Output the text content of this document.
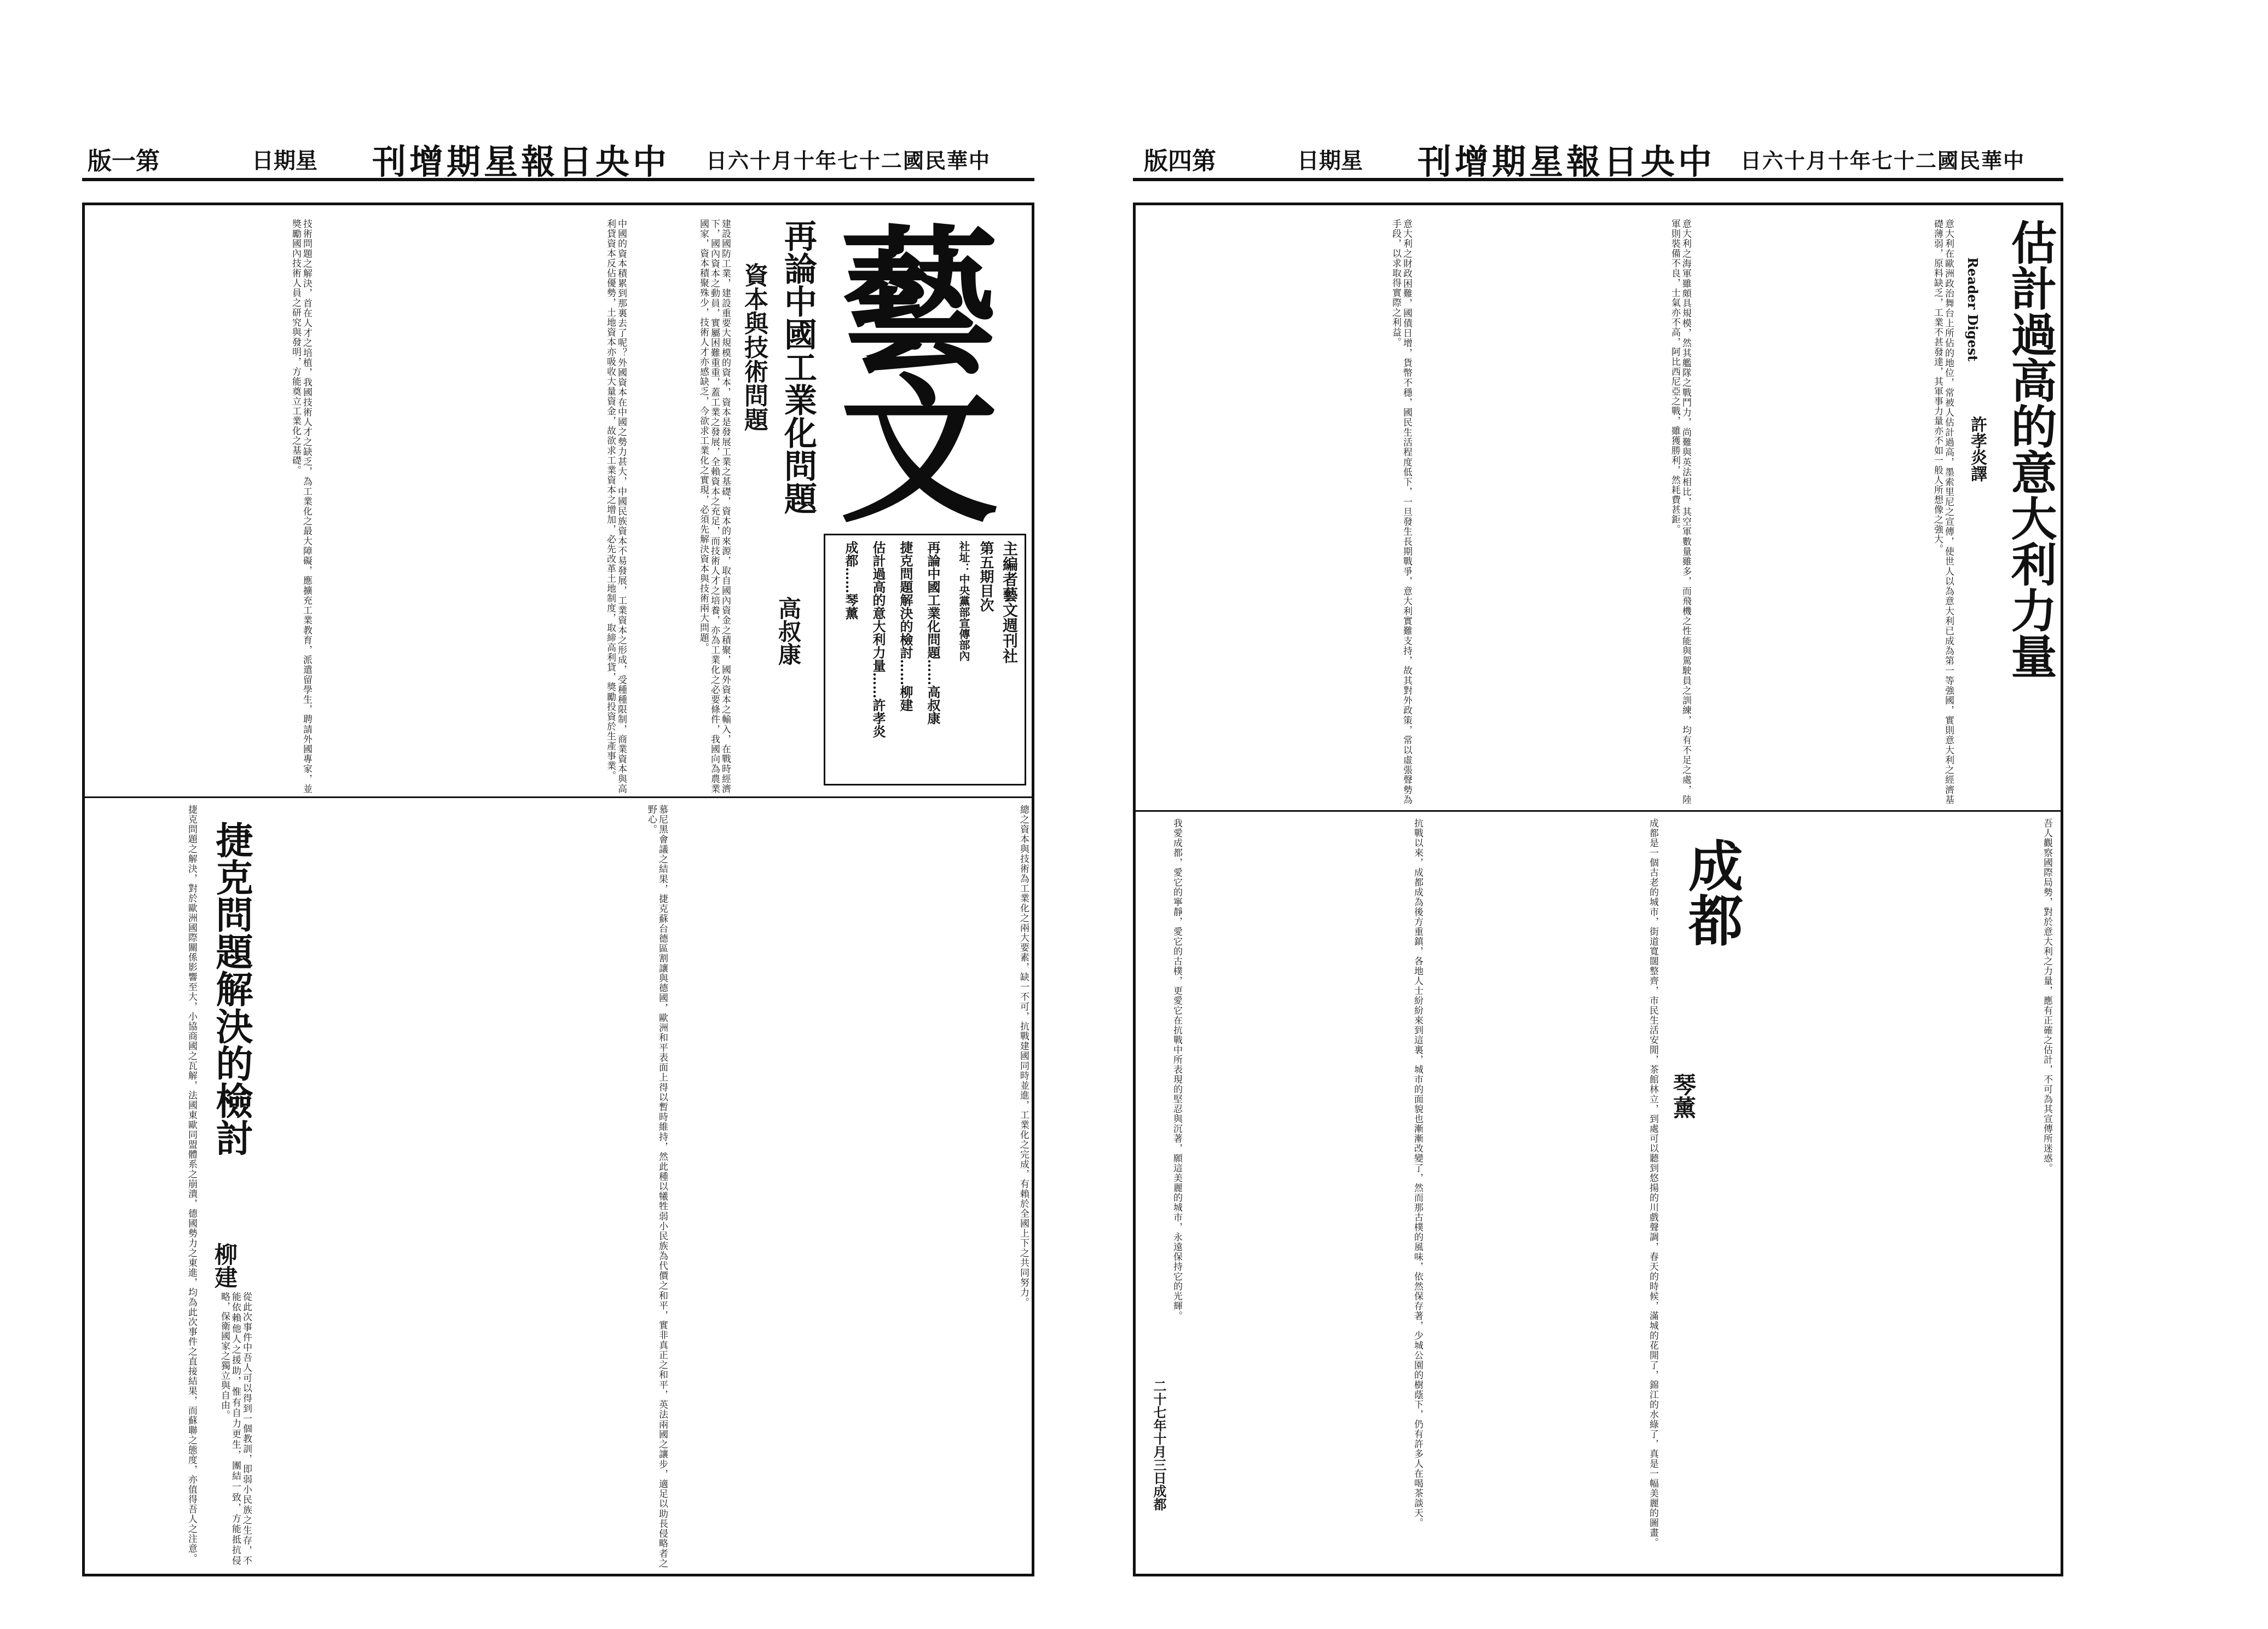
版一第	日期星 刊增期星報日央中 日六十月十年七十二國民華中
藝文
再論中國工業化問題
資本與技術問題
高叔康	主編者藝文週刊社
第五期目次
社址：中央黨部宣傳部內
再論中國工業化問題……高叔康
捷克問題解決的檢討……柳建
估計過高的意大利力量……許孝炎
成都……琴薰
建設國防工業，建設重要大規模的資本，資本是發展工業之基礎，資本的來源，取自國內資金之積聚，國外資本之輸入，在戰時經濟下，國內資本之動員，實屬困難重重，蓋工業之發展，全賴資本之充足，而技術人才之培養，亦為工業化之必要條件，我國向為農業國家，資本積聚殊少，技術人才亦感缺乏，今欲求工業化之實現，必須先解決資本與技術兩大問題。
中國的資本積累到那裏去了呢？外國資本在中國之勢力甚大，中國民族資本不易發展，工業資本之形成，受種種限制，商業資本與高利貸資本反佔優勢，土地資本亦吸收大量資金，故欲求工業資本之增加，必先改革土地制度，取締高利貸，獎勵投資於生產事業。
技術問題之解決，首在人才之培植，我國技術人才之缺乏，為工業化之最大障礙，應擴充工業教育，派遣留學生，聘請外國專家，並獎勵國內技術人員之研究與發明，方能奠立工業化之基礎。
總之資本與技術為工業化之兩大要素，缺一不可，抗戰建國同時並進，工業化之完成，有賴於全國上下之共同努力。
捷克問題解決的檢討
柳建	慕尼黑會議之結果，捷克蘇台德區割讓與德國，歐洲和平表面上得以暫時維持，然此種以犧牲弱小民族為代價之和平，實非真正之和平，英法兩國之讓步，適足以助長侵略者之野心。
捷克問題之解決，對於歐洲國際關係影響至大，小協商國之瓦解，法國東歐同盟體系之崩潰，德國勢力之東進，均為此次事件之直接結果，而蘇聯之態度，亦值得吾人之注意。	從此次事件中吾人可以得到一個教訓，即弱小民族之生存，不能依賴他人之援助，惟有自力更生，團結一致，方能抵抗侵略，保衛國家之獨立與自由。
版四第	日期星 刊增期星報日央中 日六十月十年七十二國民華中
估計過高的意大利力量
Reader Digest
許孝炎譯
意大利在歐洲政治舞台上所佔的地位，常被人估計過高，墨索里尼之宣傳，使世人以為意大利已成為第一等強國，實則意大利之經濟基礎薄弱，原料缺乏，工業不甚發達，其軍事力量亦不如一般人所想像之強大。
意大利之海軍雖頗具規模，然其艦隊之戰鬥力，尚難與英法相比，其空軍數量雖多，而飛機之性能與駕駛員之訓練，均有不足之處，陸軍則裝備不良，士氣亦不高，阿比西尼亞之戰，雖獲勝利，然耗費甚鉅。
意大利之財政困難，國債日增，貨幣不穩，國民生活程度低下，一旦發生長期戰爭，意大利實難支持，故其對外政策，常以虛張聲勢為手段，以求取得實際之利益。
吾人觀察國際局勢，對於意大利之力量，應有正確之估計，不可為其宣傳所迷惑。
成都
琴薰
成都是一個古老的城市，街道寬闊整齊，市民生活安閒，茶館林立，到處可以聽到悠揚的川戲聲調，春天的時候，滿城的花開了，錦江的水綠了，真是一幅美麗的圖畫。
抗戰以來，成都成為後方重鎮，各地人士紛紛來到這裏，城市的面貌也漸漸改變了，然而那古樸的風味，依然保存著，少城公園的樹蔭下，仍有許多人在喝茶談天。
我愛成都，愛它的寧靜，愛它的古樸，更愛它在抗戰中所表現的堅忍與沉著，願這美麗的城市，永遠保持它的光輝。
二十七年十月三日成都
